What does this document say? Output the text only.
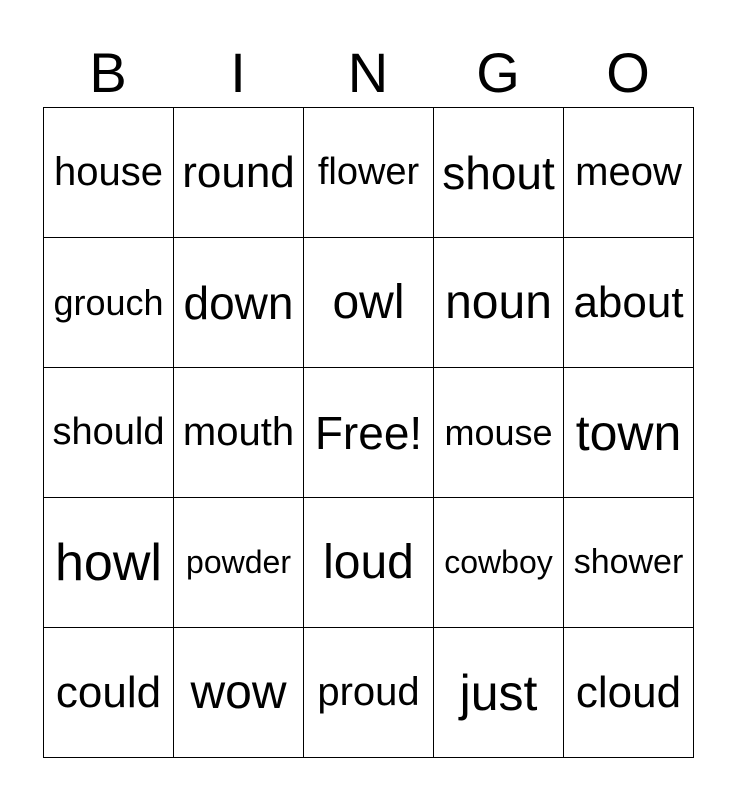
B	I	N	G	O
house round flower shout meow
grouch down owl noun about
should mouth Free! mouse town
howl powder loud cowboy shower
could wow proud just cloud
